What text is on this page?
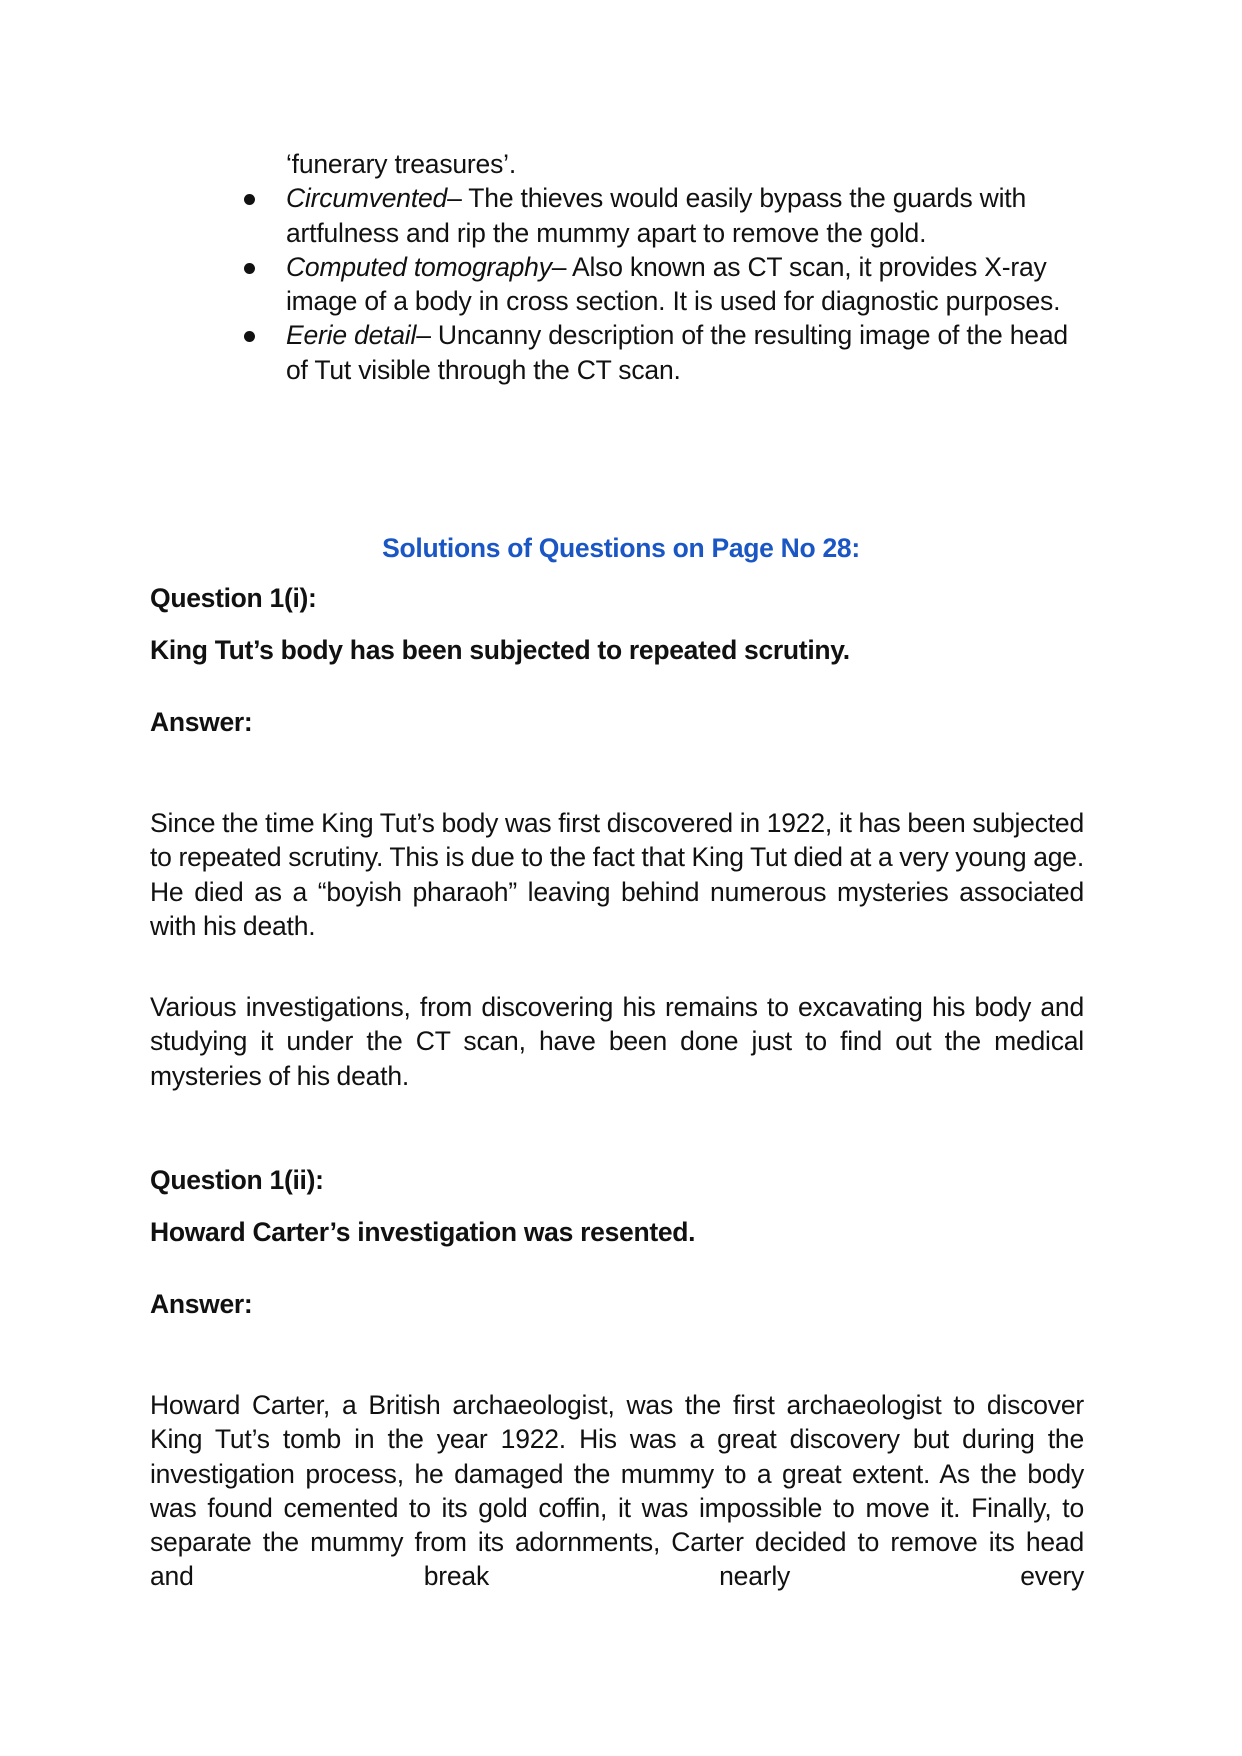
‘funerary treasures’.
Circumvented– The thieves would easily bypass the guards with artfulness and rip the mummy apart to remove the gold.
Computed tomography– Also known as CT scan, it provides X-ray image of a body in cross section. It is used for diagnostic purposes.
Eerie detail– Uncanny description of the resulting image of the head of Tut visible through the CT scan.
Solutions of Questions on Page No 28:
Question 1(i):
King Tut’s body has been subjected to repeated scrutiny.
Answer:
Since the time King Tut’s body was first discovered in 1922, it has been subjected to repeated scrutiny. This is due to the fact that King Tut died at a very young age. He died as a “boyish pharaoh” leaving behind numerous mysteries associated with his death.
Various investigations, from discovering his remains to excavating his body and studying it under the CT scan, have been done just to find out the medical mysteries of his death.
Question 1(ii):
Howard Carter’s investigation was resented.
Answer:
Howard Carter, a British archaeologist, was the first archaeologist to discover King Tut’s tomb in the year 1922. His was a great discovery but during the investigation process, he damaged the mummy to a great extent. As the body was found cemented to its gold coffin, it was impossible to move it. Finally, to separate the mummy from its adornments, Carter decided to remove its head and break nearly every
